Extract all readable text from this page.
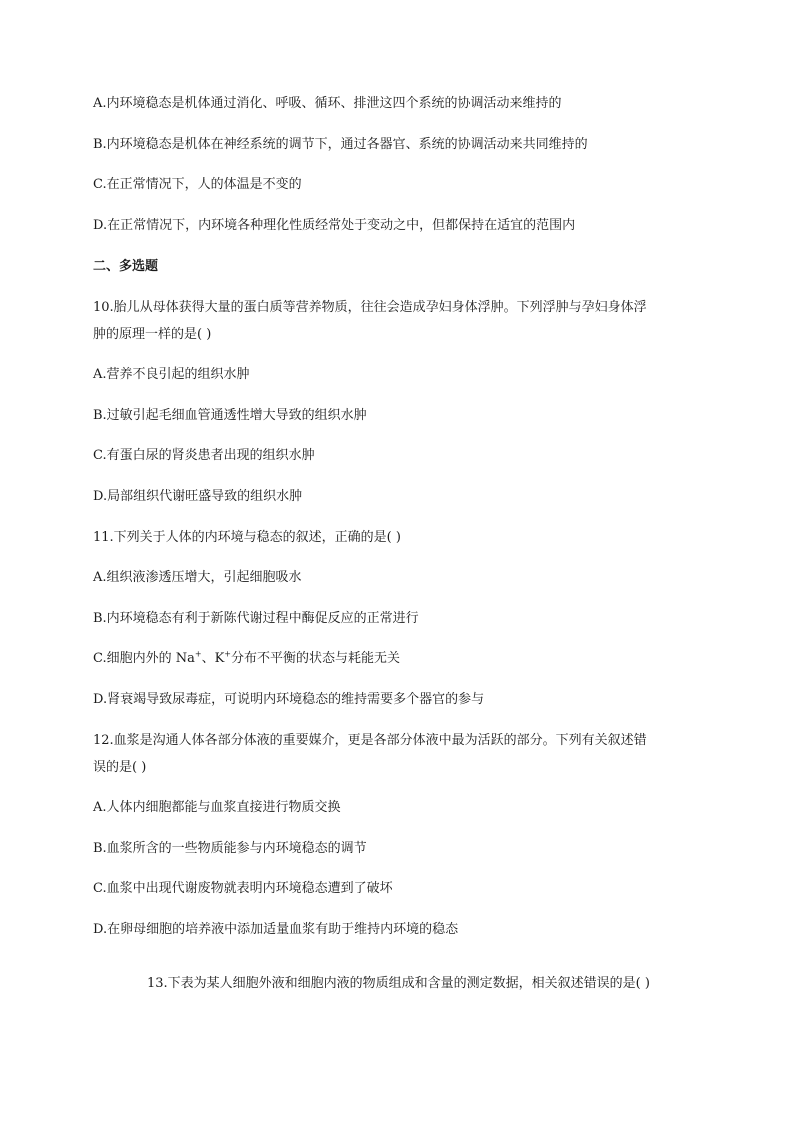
A.内环境稳态是机体通过消化、呼吸、循环、排泄这四个系统的协调活动来维持的
B.内环境稳态是机体在神经系统的调节下，通过各器官、系统的协调活动来共同维持的
C.在正常情况下，人的体温是不变的
D.在正常情况下，内环境各种理化性质经常处于变动之中，但都保持在适宜的范围内
二、多选题
10.胎儿从母体获得大量的蛋白质等营养物质，往往会造成孕妇身体浮肿。下列浮肿与孕妇身体浮
肿的原理一样的是( )
A.营养不良引起的组织水肿
B.过敏引起毛细血管通透性增大导致的组织水肿
C.有蛋白尿的肾炎患者出现的组织水肿
D.局部组织代谢旺盛导致的组织水肿
11.下列关于人体的内环境与稳态的叙述，正确的是( )
A.组织液渗透压增大，引起细胞吸水
B.内环境稳态有利于新陈代谢过程中酶促反应的正常进行
C.细胞内外的 Na+、K+分布不平衡的状态与耗能无关
D.肾衰竭导致尿毒症，可说明内环境稳态的维持需要多个器官的参与
12.血浆是沟通人体各部分体液的重要媒介，更是各部分体液中最为活跃的部分。下列有关叙述错
误的是( )
A.人体内细胞都能与血浆直接进行物质交换
B.血浆所含的一些物质能参与内环境稳态的调节
C.血浆中出现代谢废物就表明内环境稳态遭到了破坏
D.在卵母细胞的培养液中添加适量血浆有助于维持内环境的稳态
13.下表为某人细胞外液和细胞内液的物质组成和含量的测定数据，相关叙述错误的是( )
